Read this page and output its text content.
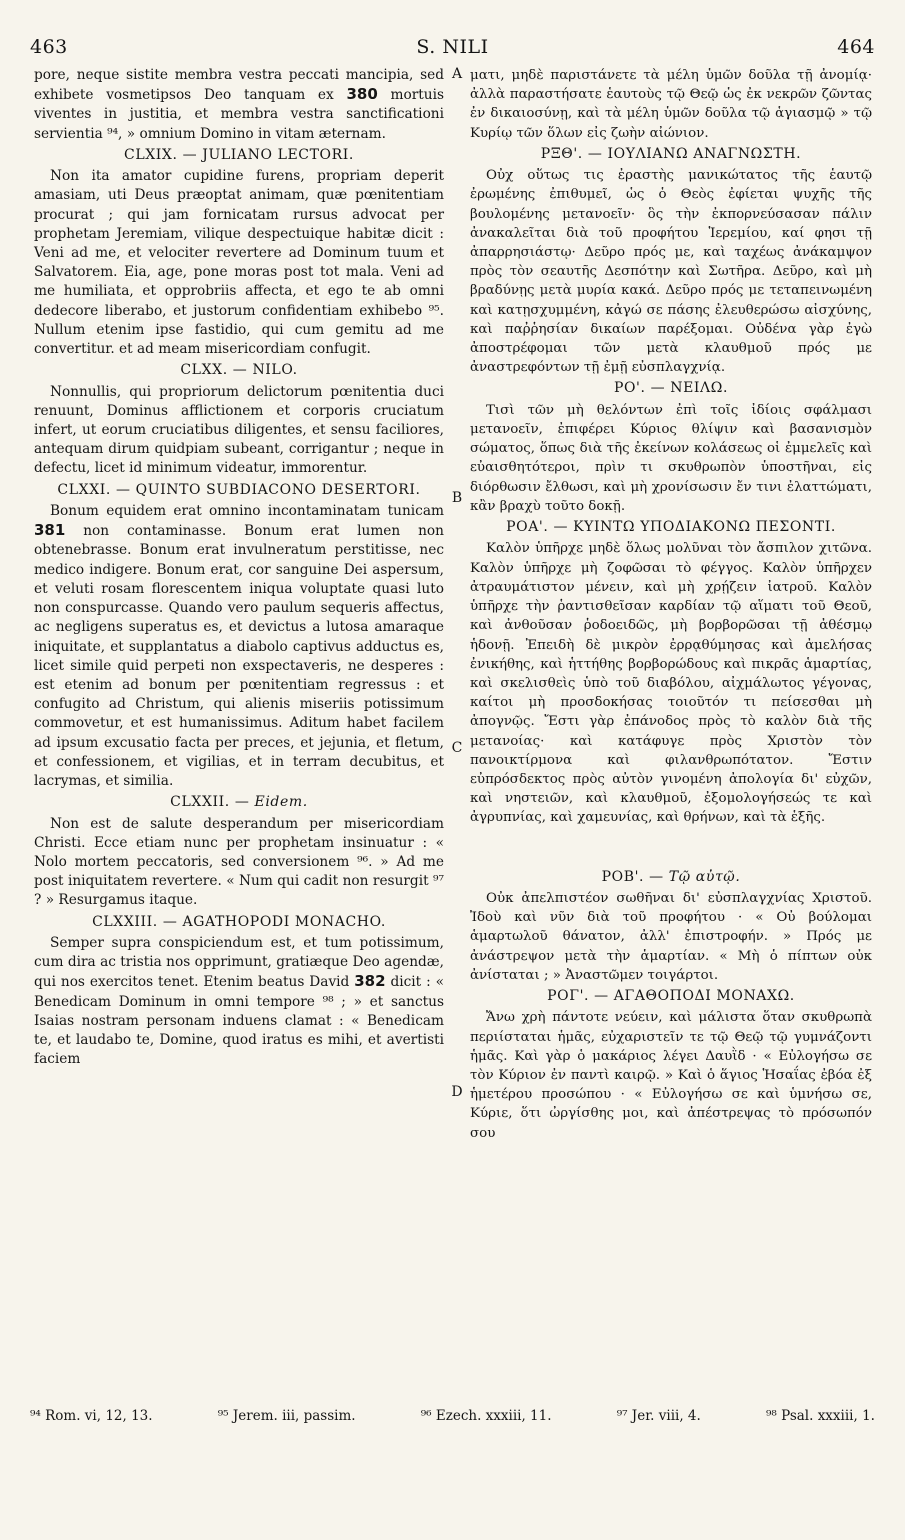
463	S. NILI	464
A
B
C
D

pore, neque sistite membra vestra peccati mancipia, sed exhibete vosmetipsos Deo tanquam ex 380 mortuis viventes in justitia, et membra vestra sanctificationi servientia ⁹⁴, » omnium Domino in vitam æternam.

CLXIX. — JULIANO LECTORI.

Non ita amator cupidine furens, propriam deperit amasiam, uti Deus præoptat animam, quæ pœnitentiam procurat ; qui jam fornicatam rursus advocat per prophetam Jeremiam, vilique despectuique habitæ dicit : Veni ad me, et velociter revertere ad Dominum tuum et Salvatorem. Eia, age, pone moras post tot mala. Veni ad me humiliata, et opprobriis affecta, et ego te ab omni dedecore liberabo, et justorum confidentiam exhibebo ⁹⁵. Nullum etenim ipse fastidio, qui cum gemitu ad me convertitur. et ad meam misericordiam confugit.

CLXX. — NILO.

Nonnullis, qui propriorum delictorum pœnitentia duci renuunt, Dominus afflictionem et corporis cruciatum infert, ut eorum cruciatibus diligentes, et sensu faciliores, antequam dirum quidpiam subeant, corrigantur ; neque in defectu, licet id minimum videatur, immorentur.

CLXXI. — QUINTO SUBDIACONO DESERTORI.

Bonum equidem erat omnino incontaminatam tunicam 381 non contaminasse. Bonum erat lumen non obtenebrasse. Bonum erat invulneratum perstitisse, nec medico indigere. Bonum erat, cor sanguine Dei aspersum, et veluti rosam florescentem iniqua voluptate quasi luto non conspurcasse. Quando vero paulum sequeris affectus, ac negligens superatus es, et devictus a lutosa amaraque iniquitate, et supplantatus a diabolo captivus adductus es, licet simile quid perpeti non exspectaveris, ne desperes : est etenim ad bonum per pœnitentiam regressus : et confugito ad Christum, qui alienis miseriis potissimum commovetur, et est humanissimus. Aditum habet facilem ad ipsum excusatio facta per preces, et jejunia, et fletum, et confessionem, et vigilias, et in terram decubitus, et lacrymas, et similia.

CLXXII. — Eidem.

Non est de salute desperandum per misericordiam Christi. Ecce etiam nunc per prophetam insinuatur : « Nolo mortem peccatoris, sed conversionem ⁹⁶. » Ad me post iniquitatem revertere. « Num qui cadit non resurgit ⁹⁷ ? » Resurgamus itaque.

CLXXIII. — AGATHOPODI MONACHO.

Semper supra conspiciendum est, et tum potissimum, cum dira ac tristia nos opprimunt, gratiæque Deo agendæ, qui nos exercitos tenet. Etenim beatus David 382 dicit : « Benedicam Dominum in omni tempore ⁹⁸ ; » et sanctus Isaias nostram personam induens clamat : « Benedicam te, et laudabo te, Domine, quod iratus es mihi, et avertisti faciem

ματι, μηδὲ παριστάνετε τὰ μέλη ὑμῶν δοῦλα τῇ ἀνομίᾳ· ἀλλὰ παραστήσατε ἑαυτοὺς τῷ Θεῷ ὡς ἐκ νεκρῶν ζῶντας ἐν δικαιοσύνῃ, καὶ τὰ μέλη ὑμῶν δοῦλα τῷ ἁγιασμῷ » τῷ Κυρίῳ τῶν ὅλων εἰς ζωὴν αἰώνιον.

ΡΞΘ'. — ΙΟΥΛΙΑΝΩ ΑΝΑΓΝΩΣΤΗ.

Οὐχ οὕτως τις ἐραστὴς μανικώτατος τῆς ἑαυτῷ ἐρωμένης ἐπιθυμεῖ, ὡς ὁ Θεὸς ἐφίεται ψυχῆς τῆς βουλομένης μετανοεῖν· ὃς τὴν ἐκπορνεύσασαν πάλιν ἀνακαλεῖται διὰ τοῦ προφήτου Ἱερεμίου, καί φησι τῇ ἀπαρρησιάστῳ· Δεῦρο πρός με, καὶ ταχέως ἀνάκαμψον πρὸς τὸν σεαυτῆς Δεσπότην καὶ Σωτῆρα. Δεῦρο, καὶ μὴ βραδύνῃς μετὰ μυρία κακά. Δεῦρο πρός με τεταπεινωμένη καὶ κατῃσχυμμένη, κἀγώ σε πάσης ἐλευθερώσω αἰσχύνης, καὶ παῤῥησίαν δικαίων παρέξομαι. Οὐδένα γὰρ ἐγὼ ἀποστρέφομαι τῶν μετὰ κλαυθμοῦ πρός με ἀναστρεφόντων τῇ ἐμῇ εὐσπλαγχνίᾳ.

ΡΟ'. — ΝΕΙΛΩ.

Τισὶ τῶν μὴ θελόντων ἐπὶ τοῖς ἰδίοις σφάλμασι μετανοεῖν, ἐπιφέρει Κύριος θλίψιν καὶ βασανισμὸν σώματος, ὅπως διὰ τῆς ἐκείνων κολάσεως οἱ ἐμμελεῖς καὶ εὐαισθητότεροι, πρὶν τι σκυθρωπὸν ὑποστῆναι, εἰς διόρθωσιν ἔλθωσι, καὶ μὴ χρονίσωσιν ἔν τινι ἐλαττώματι, κἂν βραχὺ τοῦτο δοκῇ.

ΡΟΑ'. — ΚΥΙΝΤΩ ΥΠΟΔΙΑΚΟΝΩ ΠΕΣΟΝΤΙ.

Καλὸν ὑπῆρχε μηδὲ ὅλως μολῦναι τὸν ἄσπιλον χιτῶνα. Καλὸν ὑπῆρχε μὴ ζοφῶσαι τὸ φέγγος. Καλὸν ὑπῆρχεν ἀτραυμάτιστον μένειν, καὶ μὴ χρῄζειν ἰατροῦ. Καλὸν ὑπῆρχε τὴν ῥαντισθεῖσαν καρδίαν τῷ αἵματι τοῦ Θεοῦ, καὶ ἀνθοῦσαν ῥοδοειδῶς, μὴ βορβορῶσαι τῇ ἀθέσμῳ ἡδονῇ. Ἐπειδὴ δὲ μικρὸν ἐρρᾳθύμησας καὶ ἀμελήσας ἐνικήθης, καὶ ἡττήθης βορβορώδους καὶ πικρᾶς ἁμαρτίας, καὶ σκελισθεὶς ὑπὸ τοῦ διαβόλου, αἰχμάλωτος γέγονας, καίτοι μὴ προσδοκήσας τοιοῦτόν τι πείσεσθαι μὴ ἀπογνῷς. Ἔστι γὰρ ἐπάνοδος πρὸς τὸ καλὸν διὰ τῆς μετανοίας· καὶ κατάφυγε πρὸς Χριστὸν τὸν πανοικτίρμονα καὶ φιλανθρωπότατον. Ἔστιν εὐπρόσδεκτος πρὸς αὐτὸν γινομένη ἀπολογία δι' εὐχῶν, καὶ νηστειῶν, καὶ κλαυθμοῦ, ἐξομολογήσεώς τε καὶ ἀγρυπνίας, καὶ χαμευνίας, καὶ θρήνων, καὶ τὰ ἑξῆς.

ΡΟΒ'. — Τῷ αὐτῷ.

Οὐκ ἀπελπιστέον σωθῆναι δι' εὐσπλαγχνίας Χριστοῦ. Ἰδοὺ καὶ νῦν διὰ τοῦ προφήτου · « Οὐ βούλομαι ἁμαρτωλοῦ θάνατον, ἀλλ' ἐπιστροφήν. » Πρός με ἀνάστρεψον μετὰ τὴν ἁμαρτίαν. « Μὴ ὁ πίπτων οὐκ ἀνίσταται ; » Ἀναστῶμεν τοιγάρτοι.

ΡΟΓ'. — ΑΓΑΘΟΠΟΔΙ ΜΟΝΑΧΩ.

Ἄνω χρὴ πάντοτε νεύειν, καὶ μάλιστα ὅταν σκυθρωπὰ περιίσταται ἡμᾶς, εὐχαριστεῖν τε τῷ Θεῷ τῷ γυμνάζοντι ἡμᾶς. Καὶ γὰρ ὁ μακάριος λέγει Δαυῒδ · « Εὐλογήσω σε τὸν Κύριον ἐν παντὶ καιρῷ. » Καὶ ὁ ἅγιος Ἡσαΐας ἐβόα ἐξ ἡμετέρου προσώπου · « Εὐλογήσω σε καὶ ὑμνήσω σε, Κύριε, ὅτι ὠργίσθης μοι, καὶ ἀπέστρεψας τὸ πρόσωπόν σου

⁹⁴ Rom. vi, 12, 13.	⁹⁵ Jerem. iii, passim.	⁹⁶ Ezech. xxxiii, 11.	⁹⁷ Jer. viii, 4.	⁹⁸ Psal. xxxiii, 1.
